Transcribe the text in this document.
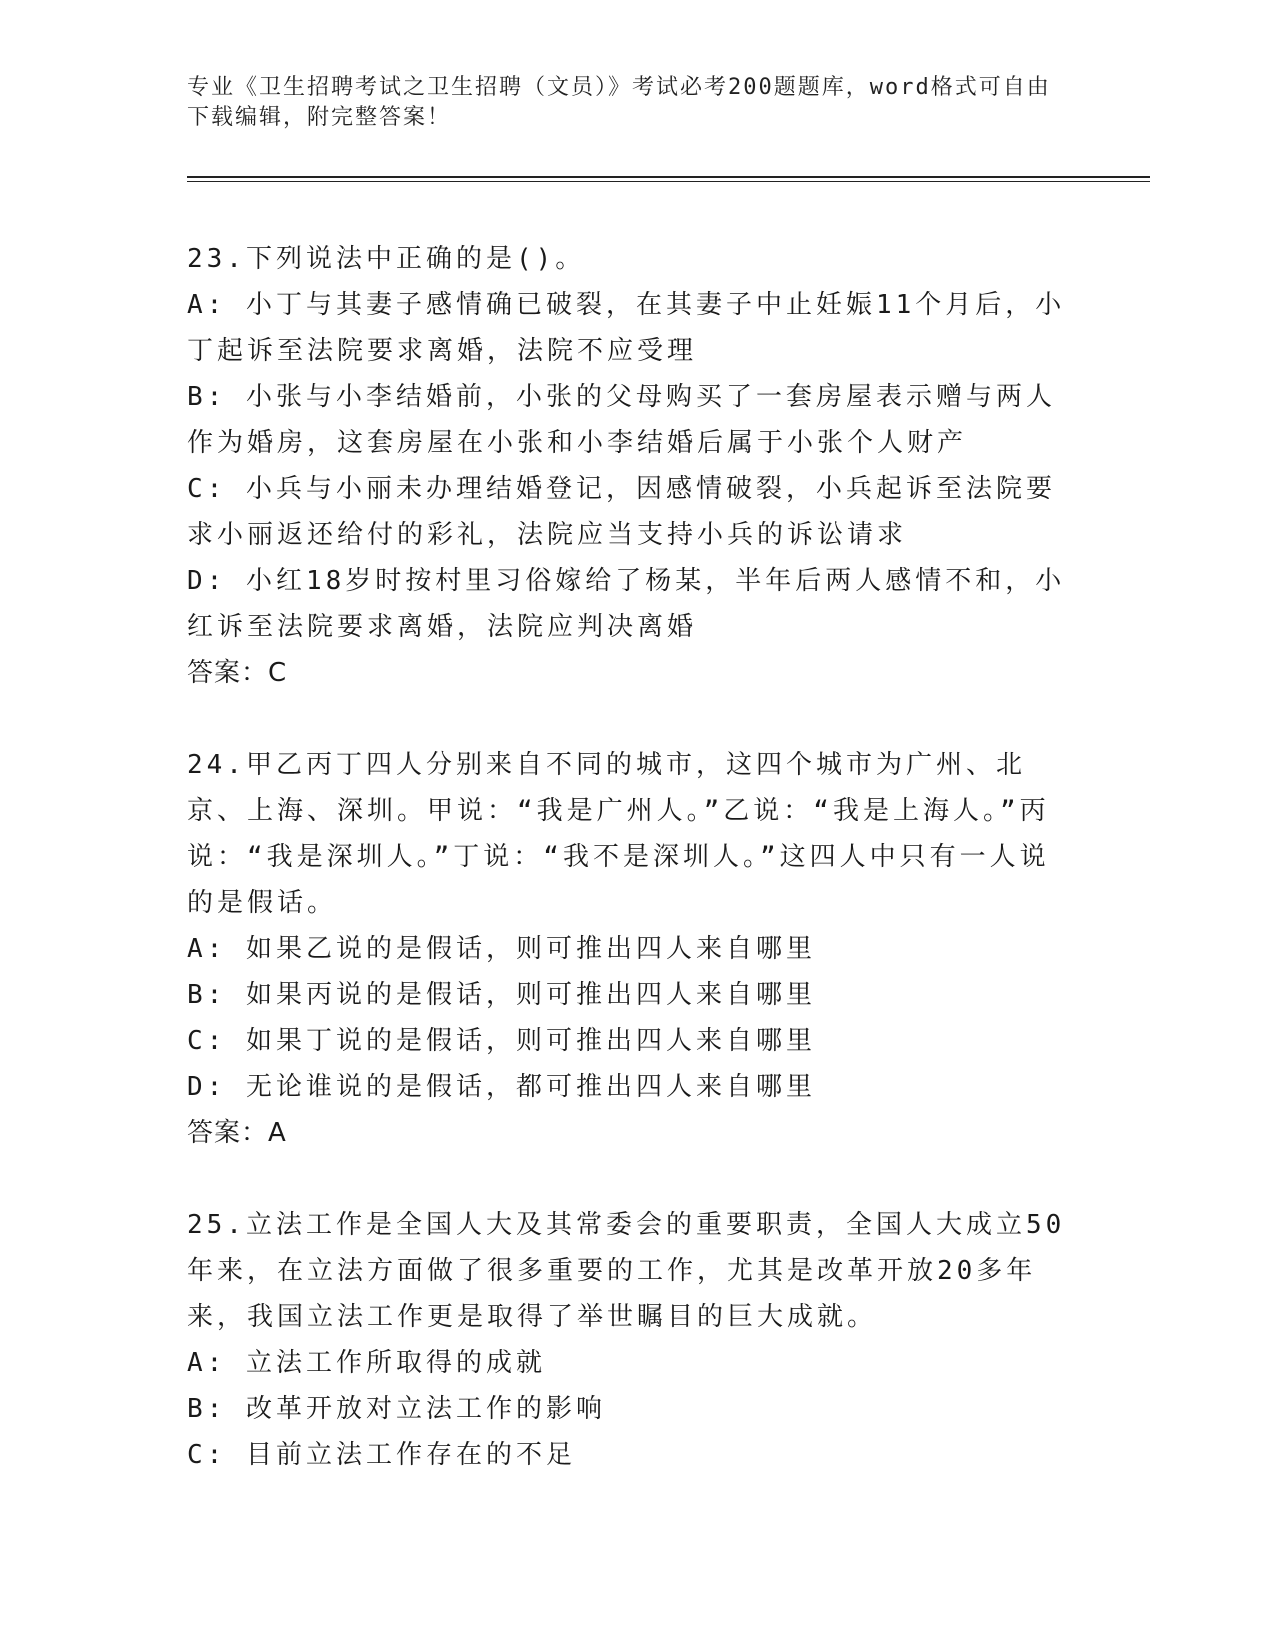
专业《卫生招聘考试之卫生招聘（文员）》考试必考200题题库，word格式可自由下载编辑，附完整答案！

23.下列说法中正确的是()。

A: 小丁与其妻子感情确已破裂，在其妻子中止妊娠11个月后，小丁起诉至法院要求离婚，法院不应受理

B: 小张与小李结婚前，小张的父母购买了一套房屋表示赠与两人作为婚房，这套房屋在小张和小李结婚后属于小张个人财产

C: 小兵与小丽未办理结婚登记，因感情破裂，小兵起诉至法院要求小丽返还给付的彩礼，法院应当支持小兵的诉讼请求

D: 小红18岁时按村里习俗嫁给了杨某，半年后两人感情不和，小红诉至法院要求离婚，法院应判决离婚

答案：C

24.甲乙丙丁四人分别来自不同的城市，这四个城市为广州、北京、上海、深圳。甲说：“我是广州人。”乙说：“我是上海人。”丙说：“我是深圳人。”丁说：“我不是深圳人。”这四人中只有一人说的是假话。

A: 如果乙说的是假话，则可推出四人来自哪里

B: 如果丙说的是假话，则可推出四人来自哪里

C: 如果丁说的是假话，则可推出四人来自哪里

D: 无论谁说的是假话，都可推出四人来自哪里

答案：A

25.立法工作是全国人大及其常委会的重要职责，全国人大成立50年来，在立法方面做了很多重要的工作，尤其是改革开放20多年来，我国立法工作更是取得了举世瞩目的巨大成就。

A: 立法工作所取得的成就

B: 改革开放对立法工作的影响

C: 目前立法工作存在的不足
